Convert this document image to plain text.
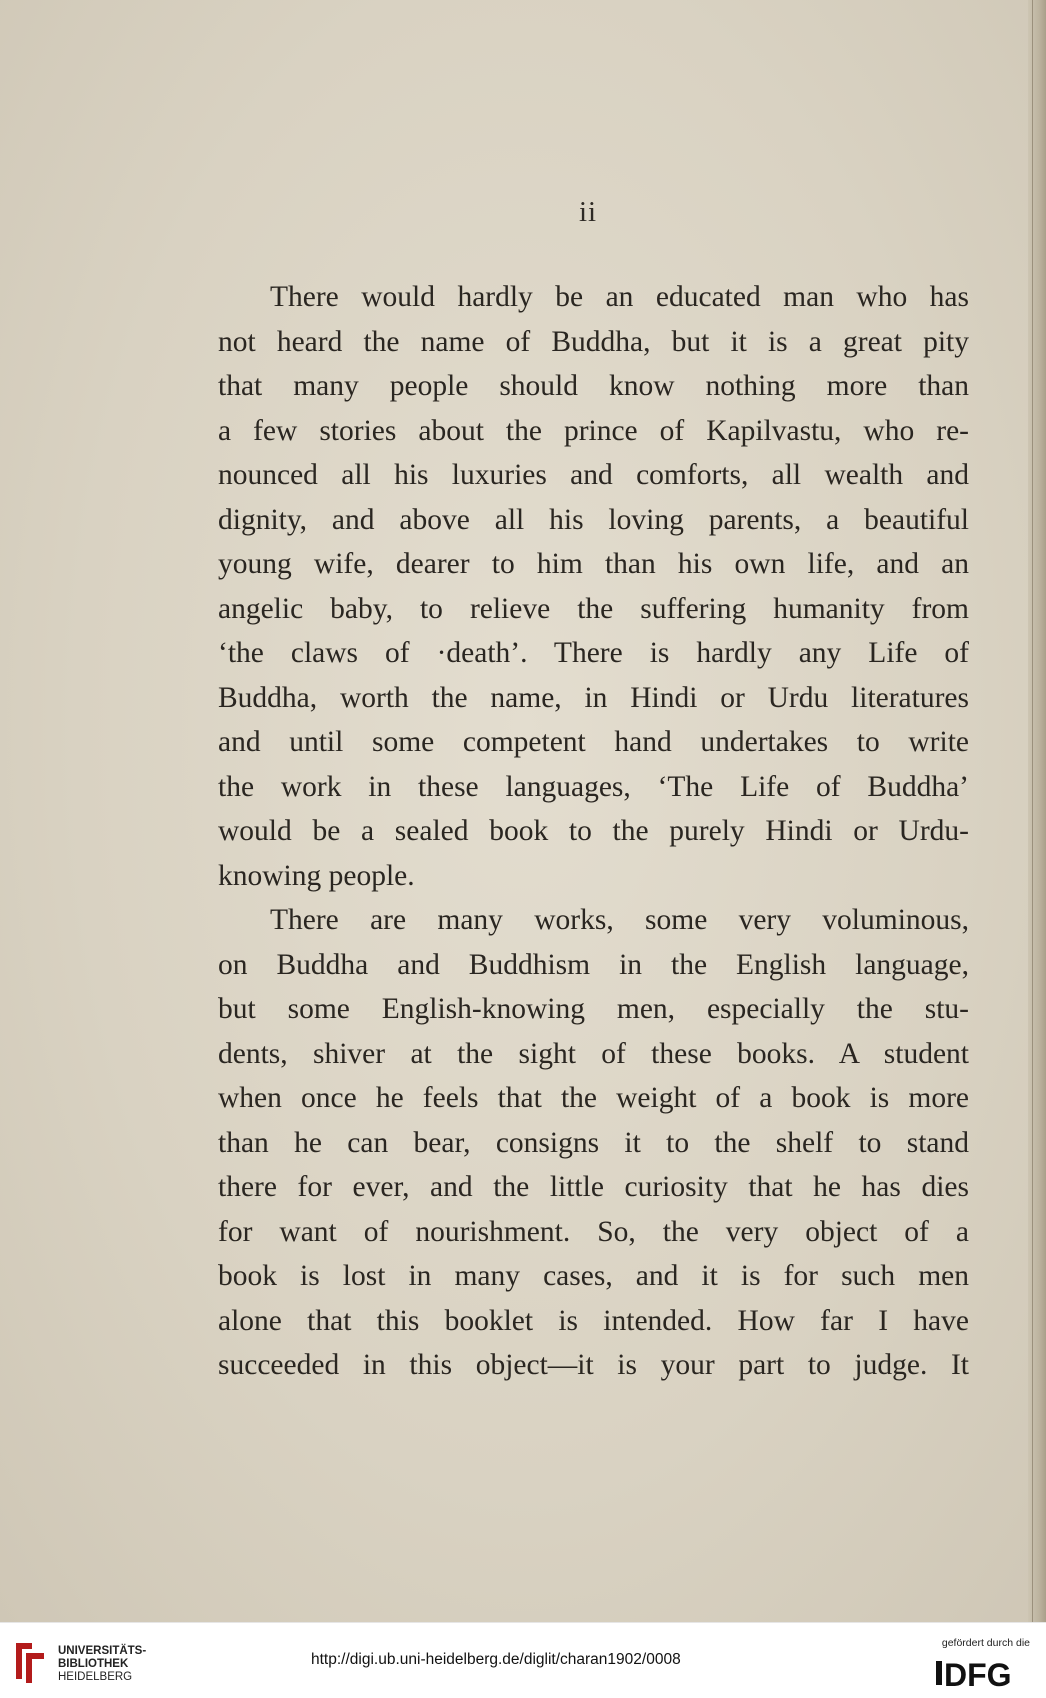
ii
There would hardly be an educated man who has
not heard the name of Buddha, but it is a great pity
that many people should know nothing more than
a few stories about the prince of Kapilvastu, who re-
nounced all his luxuries and comforts, all wealth and
dignity, and above all his loving parents, a beautiful
young wife, dearer to him than his own life, and an
angelic baby, to relieve the suffering humanity from
‘the claws of ·death’. There is hardly any Life of
Buddha, worth the name, in Hindi or Urdu literatures
and until some competent hand undertakes to write
the work in these languages, ‘The Life of Buddha’
would be a sealed book to the purely Hindi or Urdu-
knowing people.
There are many works, some very voluminous,
on Buddha and Buddhism in the English language,
but some English-knowing men, especially the stu-
dents, shiver at the sight of these books. A student
when once he feels that the weight of a book is more
than he can bear, consigns it to the shelf to stand
there for ever, and the little curiosity that he has dies
for want of nourishment. So, the very object of a
book is lost in many cases, and it is for such men
alone that this booklet is intended. How far I have
succeeded in this object—it is your part to judge. It
UNIVERSITÄTS-
BIBLIOTHEK
HEIDELBERG
http://digi.ub.uni-heidelberg.de/diglit/charan1902/0008
gefördert durch die
DFG
